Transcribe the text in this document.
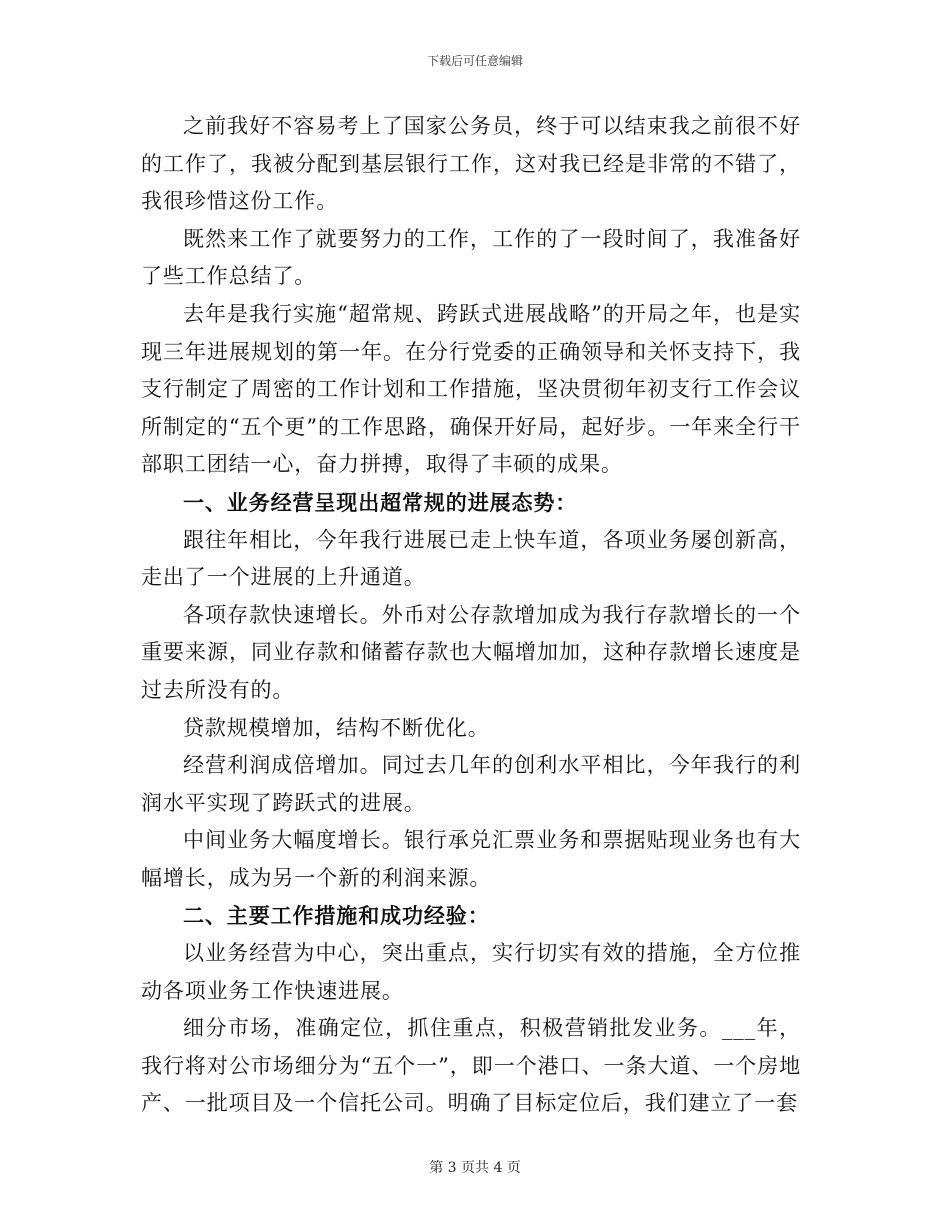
下载后可任意编辑

之前我好不容易考上了国家公务员，终于可以结束我之前很不好的工作了，我被分配到基层银行工作，这对我已经是非常的不错了，我很珍惜这份工作。

既然来工作了就要努力的工作，工作的了一段时间了，我准备好了些工作总结了。

去年是我行实施“超常规、跨跃式进展战略”的开局之年，也是实现三年进展规划的第一年。在分行党委的正确领导和关怀支持下，我支行制定了周密的工作计划和工作措施，坚决贯彻年初支行工作会议所制定的“五个更”的工作思路，确保开好局，起好步。一年来全行干部职工团结一心，奋力拼搏，取得了丰硕的成果。

一、业务经营呈现出超常规的进展态势：

跟往年相比，今年我行进展已走上快车道，各项业务屡创新高，走出了一个进展的上升通道。

各项存款快速增长。外币对公存款增加成为我行存款增长的一个重要来源，同业存款和储蓄存款也大幅增加加，这种存款增长速度是过去所没有的。

贷款规模增加，结构不断优化。

经营利润成倍增加。同过去几年的创利水平相比，今年我行的利润水平实现了跨跃式的进展。

中间业务大幅度增长。银行承兑汇票业务和票据贴现业务也有大幅增长，成为另一个新的利润来源。

二、主要工作措施和成功经验：

以业务经营为中心，突出重点，实行切实有效的措施，全方位推动各项业务工作快速进展。

细分市场，准确定位，抓住重点，积极营销批发业务。___年，我行将对公市场细分为“五个一”，即一个港口、一条大道、一个房地产、一批项目及一个信托公司。明确了目标定位后，我们建立了一套

第 3 页共 4 页
